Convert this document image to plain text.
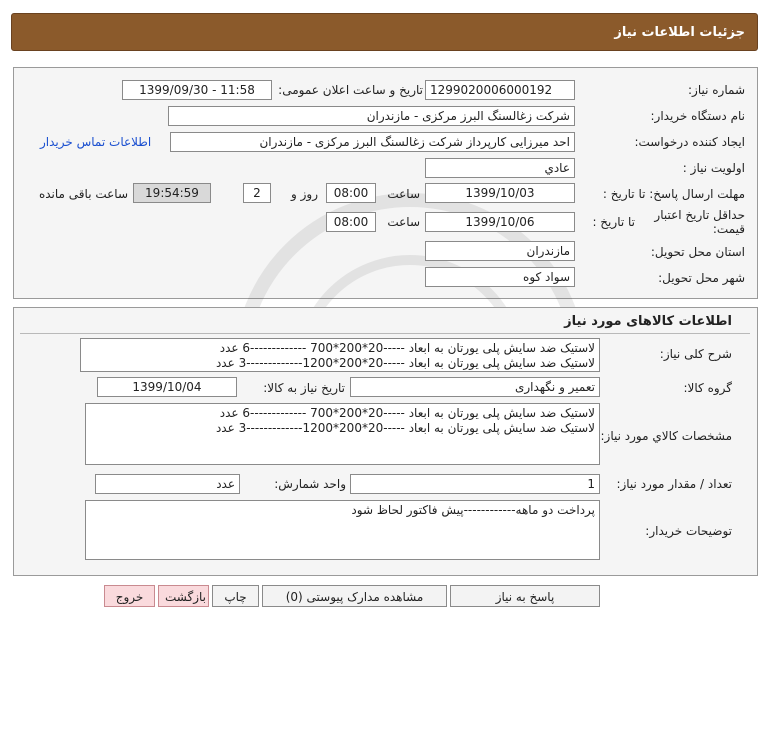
جزئیات اطلاعات نیاز
شماره نیاز:
1299020006000192
تاریخ و ساعت اعلان عمومی:
1399/09/30 - 11:58
نام دستگاه خریدار:
شرکت زغالسنگ البرز مرکزی - مازندران
ایجاد کننده درخواست:
احد میرزایی کارپرداز شرکت زغالسنگ البرز مرکزی - مازندران
اطلاعات تماس خریدار
اولویت نیاز :
عادي
مهلت ارسال پاسخ: تا تاریخ :
1399/10/03
ساعت
08:00
روز و
2
19:54:59
ساعت باقی مانده
حداقل تاریخ اعتبار
قیمت:
تا تاریخ :
1399/10/06
ساعت
08:00
استان محل تحویل:
مازندران
شهر محل تحویل:
سواد کوه
اطلاعات کالاهای مورد نیاز
شرح کلی نیاز:
لاستیک ضد سایش پلی یورتان به ابعاد -----20*200*700 -------------6 عدد
لاستیک ضد سایش پلی یورتان به ابعاد -----20*200*1200-------------3 عدد
گروه کالا:
تعمیر و نگهداری
تاریخ نیاز به کالا:
1399/10/04
مشخصات کالاي مورد نیاز:
لاستیک ضد سایش پلی یورتان به ابعاد -----20*200*700 -------------6 عدد
لاستیک ضد سایش پلی یورتان به ابعاد -----20*200*1200-------------3 عدد
تعداد / مقدار مورد نیاز:
1
واحد شمارش:
عدد
توضیحات خریدار:
پرداخت دو ماهه------------پیش فاکتور لحاظ شود
پاسخ به نیاز
مشاهده مدارک پیوستی (0)
چاپ
بازگشت
خروج
